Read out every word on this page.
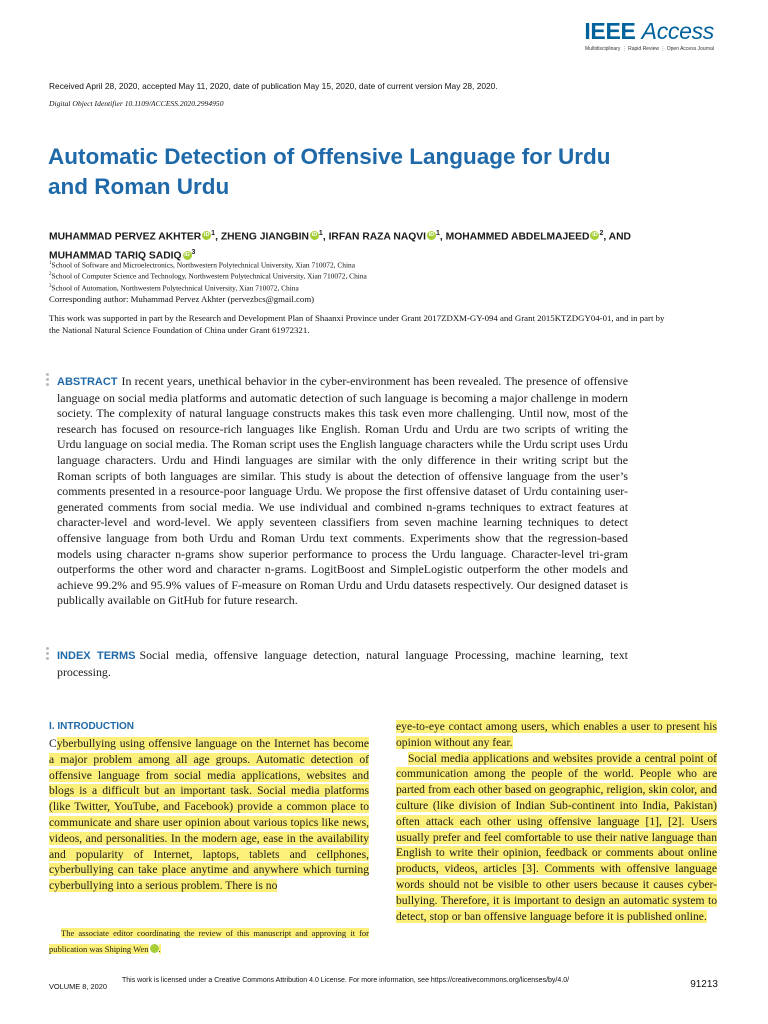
IEEE Access
Multidisciplinary ⋮ Rapid Review ⋮ Open Access Journal
Received April 28, 2020, accepted May 11, 2020, date of publication May 15, 2020, date of current version May 28, 2020.
Digital Object Identifier 10.1109/ACCESS.2020.2994950
Automatic Detection of Offensive Language for Urdu and Roman Urdu
MUHAMMAD PERVEZ AKHTER iD $^1$, ZHENG JIANGBIN iD $^1$, IRFAN RAZA NAQVI iD $^1$, MOHAMMED ABDELMAJEED iD $^2$, AND MUHAMMAD TARIQ SADIQ iD $^3$
$^1$School of Software and Microelectronics, Northwestern Polytechnical University, Xian 710072, China
$^2$School of Computer Science and Technology, Northwestern Polytechnical University, Xian 710072, China
$^3$School of Automation, Northwestern Polytechnical University, Xian 710072, China
Corresponding author: Muhammad Pervez Akhter (pervezbcs@gmail.com)
This work was supported in part by the Research and Development Plan of Shaanxi Province under Grant 2017ZDXM-GY-094 and Grant 2015KTZDGY04-01, and in part by the National Natural Science Foundation of China under Grant 61972321.
ABSTRACT In recent years, unethical behavior in the cyber-environment has been revealed. The presence of offensive language on social media platforms and automatic detection of such language is becoming a major challenge in modern society. The complexity of natural language constructs makes this task even more challenging. Until now, most of the research has focused on resource-rich languages like English. Roman Urdu and Urdu are two scripts of writing the Urdu language on social media. The Roman script uses the English language characters while the Urdu script uses Urdu language characters. Urdu and Hindi languages are similar with the only difference in their writing script but the Roman scripts of both languages are similar. This study is about the detection of offensive language from the user’s comments presented in a resource-poor language Urdu. We propose the first offensive dataset of Urdu containing user-generated comments from social media. We use individual and combined n-grams techniques to extract features at character-level and word-level. We apply seventeen classifiers from seven machine learning techniques to detect offensive language from both Urdu and Roman Urdu text comments. Experiments show that the regression-based models using character n-grams show superior performance to process the Urdu language. Character-level tri-gram outperforms the other word and character n-grams. LogitBoost and SimpleLogistic outperform the other models and achieve 99.2% and 95.9% values of F-measure on Roman Urdu and Urdu datasets respectively. Our designed dataset is publically available on GitHub for future research.
INDEX TERMS Social media, offensive language detection, natural language Processing, machine learning, text processing.
I. INTRODUCTION

Cyberbullying using offensive language on the Internet has become a major problem among all age groups. Automatic detection of offensive language from social media applications, websites and blogs is a difficult but an important task. Social media platforms (like Twitter, YouTube, and Facebook) provide a common place to communicate and share user opinion about various topics like news, videos, and personalities. In the modern age, ease in the availability and popularity of Internet, laptops, tablets and cellphones, cyberbullying can take place anytime and anywhere which turning cyberbullying into a serious problem. There is no

The associate editor coordinating the review of this manuscript and approving it for publication was Shiping Wen iD.

eye-to-eye contact among users, which enables a user to present his opinion without any fear.

Social media applications and websites provide a central point of communication among the people of the world. People who are parted from each other based on geographic, religion, skin color, and culture (like division of Indian Sub-continent into India, Pakistan) often attack each other using offensive language [1], [2]. Users usually prefer and feel comfortable to use their native language than English to write their opinion, feedback or comments about online products, videos, articles [3]. Comments with offensive language words should not be visible to other users because it causes cyber-bullying. Therefore, it is important to design an automatic system to detect, stop or ban offensive language before it is published online.

VOLUME 8, 2020
This work is licensed under a Creative Commons Attribution 4.0 License. For more information, see https://creativecommons.org/licenses/by/4.0/	91213
